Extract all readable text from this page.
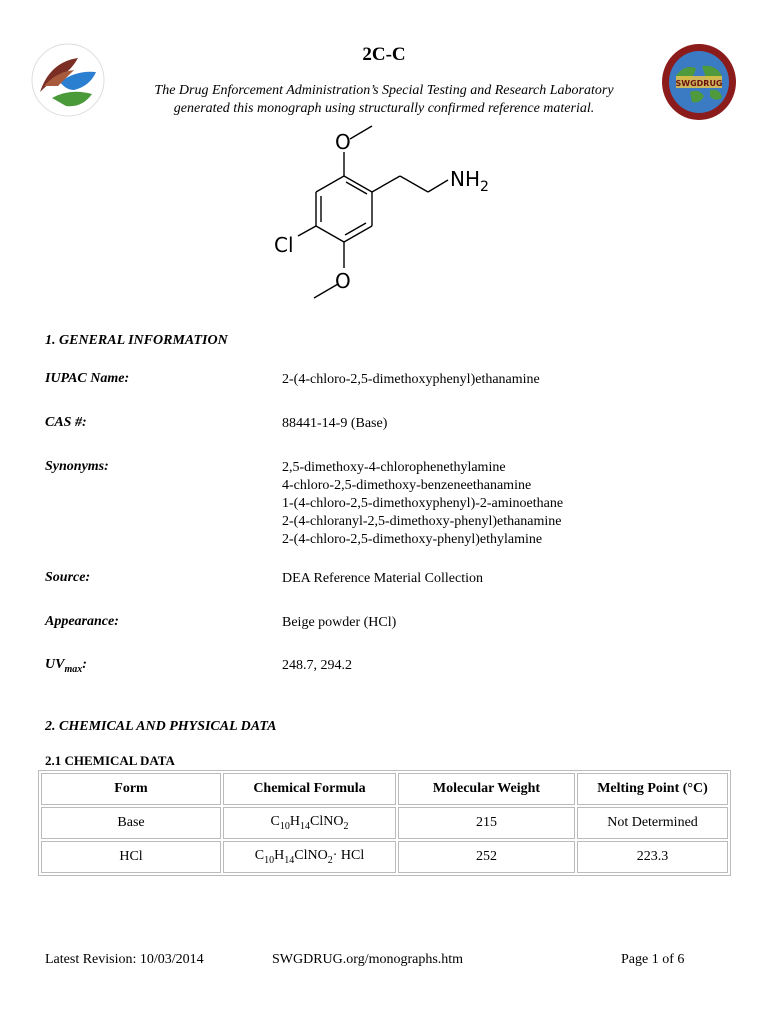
2C-C
The Drug Enforcement Administration’s Special Testing and Research Laboratory
generated this monograph using structurally confirmed reference material.
SWGDRUG
O
O
Cl
$NH_2$
1. GENERAL INFORMATION
IUPAC Name:	2-(4-chloro-2,5-dimethoxyphenyl)ethanamine
CAS #:	88441-14-9 (Base)
Synonyms:	2,5-dimethoxy-4-chlorophenethylamine
4-chloro-2,5-dimethoxy-benzeneethanamine
1-(4-chloro-2,5-dimethoxyphenyl)-2-aminoethane
2-(4-chloranyl-2,5-dimethoxy-phenyl)ethanamine
2-(4-chloro-2,5-dimethoxy-phenyl)ethylamine
Source:	DEA Reference Material Collection
Appearance:	Beige powder (HCl)
$UV_{max}$:	248.7, 294.2
2. CHEMICAL AND PHYSICAL DATA
2.1 CHEMICAL DATA
Form	Chemical Formula	Molecular Weight	Melting Point (°C)
Base	$C_{10}H_{14}ClNO_2$	215	Not Determined
HCl	$C_{10}H_{14}ClNO_2\cdot$ HCl	252	223.3
Latest Revision: 10/03/2014	SWGDRUG.org/monographs.htm	Page 1 of 6
